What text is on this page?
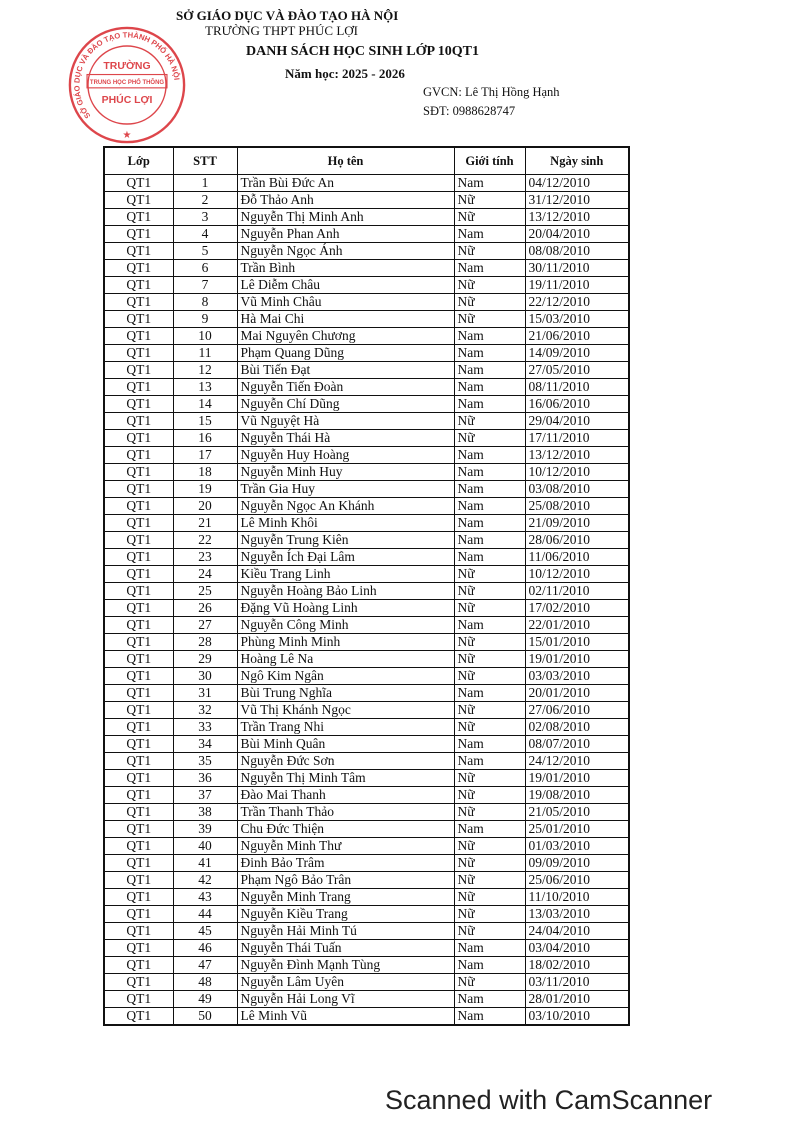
SỞ GIÁO DỤC VÀ ĐÀO TẠO HÀ NỘI
TRƯỜNG THPT PHÚC LỢI
DANH SÁCH HỌC SINH LỚP 10QT1
Năm học: 2025 - 2026
GVCN: Lê Thị Hồng Hạnh
SĐT: 0988628747
SỞ GIÁO DỤC VÀ ĐÀO TẠO THÀNH PHỐ HÀ NỘI
TRƯỜNG
TRUNG HỌC PHỔ THÔNG
PHÚC LỢI
★
Lớp	STT	Họ tên	Giới tính	Ngày sinh
QT1	1	Trần Bùi Đức An	Nam	04/12/2010
QT1	2	Đỗ Thảo Anh	Nữ	31/12/2010
QT1	3	Nguyễn Thị Minh Anh	Nữ	13/12/2010
QT1	4	Nguyễn Phan Anh	Nam	20/04/2010
QT1	5	Nguyễn Ngọc Ánh	Nữ	08/08/2010
QT1	6	Trần Bình	Nam	30/11/2010
QT1	7	Lê Diễm Châu	Nữ	19/11/2010
QT1	8	Vũ Minh Châu	Nữ	22/12/2010
QT1	9	Hà Mai Chi	Nữ	15/03/2010
QT1	10	Mai Nguyên Chương	Nam	21/06/2010
QT1	11	Phạm Quang Dũng	Nam	14/09/2010
QT1	12	Bùi Tiến Đạt	Nam	27/05/2010
QT1	13	Nguyễn Tiến Đoàn	Nam	08/11/2010
QT1	14	Nguyễn Chí Dũng	Nam	16/06/2010
QT1	15	Vũ Nguyệt Hà	Nữ	29/04/2010
QT1	16	Nguyễn Thái Hà	Nữ	17/11/2010
QT1	17	Nguyễn Huy Hoàng	Nam	13/12/2010
QT1	18	Nguyễn Minh Huy	Nam	10/12/2010
QT1	19	Trần Gia Huy	Nam	03/08/2010
QT1	20	Nguyễn Ngọc An Khánh	Nam	25/08/2010
QT1	21	Lê Minh Khôi	Nam	21/09/2010
QT1	22	Nguyễn Trung Kiên	Nam	28/06/2010
QT1	23	Nguyễn Ích Đại Lâm	Nam	11/06/2010
QT1	24	Kiều Trang Linh	Nữ	10/12/2010
QT1	25	Nguyễn Hoàng Bảo Linh	Nữ	02/11/2010
QT1	26	Đặng Vũ Hoàng Linh	Nữ	17/02/2010
QT1	27	Nguyễn Công Minh	Nam	22/01/2010
QT1	28	Phùng Minh Minh	Nữ	15/01/2010
QT1	29	Hoàng Lê Na	Nữ	19/01/2010
QT1	30	Ngô Kim Ngân	Nữ	03/03/2010
QT1	31	Bùi Trung Nghĩa	Nam	20/01/2010
QT1	32	Vũ Thị Khánh Ngọc	Nữ	27/06/2010
QT1	33	Trần Trang Nhi	Nữ	02/08/2010
QT1	34	Bùi Minh Quân	Nam	08/07/2010
QT1	35	Nguyễn Đức Sơn	Nam	24/12/2010
QT1	36	Nguyễn Thị Minh Tâm	Nữ	19/01/2010
QT1	37	Đào Mai Thanh	Nữ	19/08/2010
QT1	38	Trần Thanh Thảo	Nữ	21/05/2010
QT1	39	Chu Đức Thiện	Nam	25/01/2010
QT1	40	Nguyễn Minh Thư	Nữ	01/03/2010
QT1	41	Đinh Bảo Trâm	Nữ	09/09/2010
QT1	42	Phạm Ngô Bảo Trân	Nữ	25/06/2010
QT1	43	Nguyễn Minh Trang	Nữ	11/10/2010
QT1	44	Nguyễn Kiều Trang	Nữ	13/03/2010
QT1	45	Nguyễn Hải Minh Tú	Nữ	24/04/2010
QT1	46	Nguyễn Thái Tuấn	Nam	03/04/2010
QT1	47	Nguyễn Đình Mạnh Tùng	Nam	18/02/2010
QT1	48	Nguyễn Lâm Uyên	Nữ	03/11/2010
QT1	49	Nguyễn Hải Long Vĩ	Nam	28/01/2010
QT1	50	Lê Minh Vũ	Nam	03/10/2010
Scanned with CamScanner
